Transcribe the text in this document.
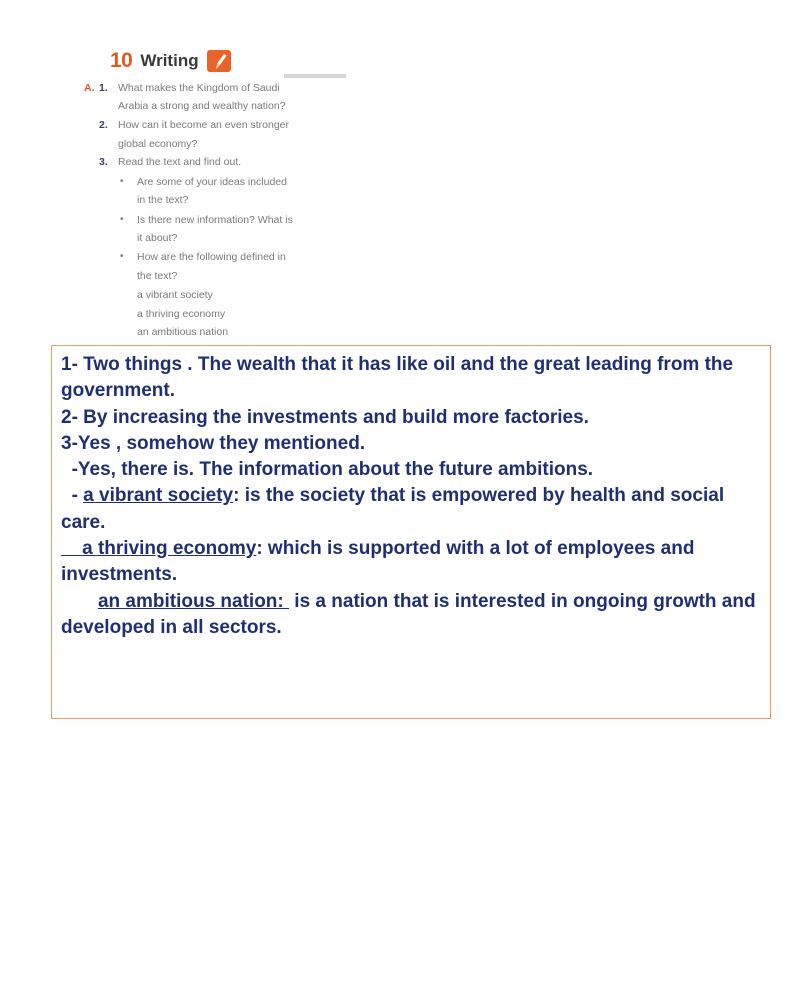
10 Writing
A. 1. What makes the Kingdom of Saudi
Arabia a strong and wealthy nation?
2. How can it become an even stronger
global economy?
3. Read the text and find out.
• Are some of your ideas included
in the text?
• Is there new information? What is
it about?
• How are the following defined in
the text?
a vibrant society
a thriving economy
an ambitious nation

1- Two things . The wealth that it has like oil and the great leading from the government.

2- By increasing the investments and build more factories.

3-Yes , somehow they mentioned.

-Yes, there is. The information about the future ambitions.

- a vibrant society: is the society that is empowered by health and social care.

a thriving economy: which is supported with a lot of employees and investments.

an ambitious nation:  is a nation that is interested in ongoing growth and developed in all sectors.
